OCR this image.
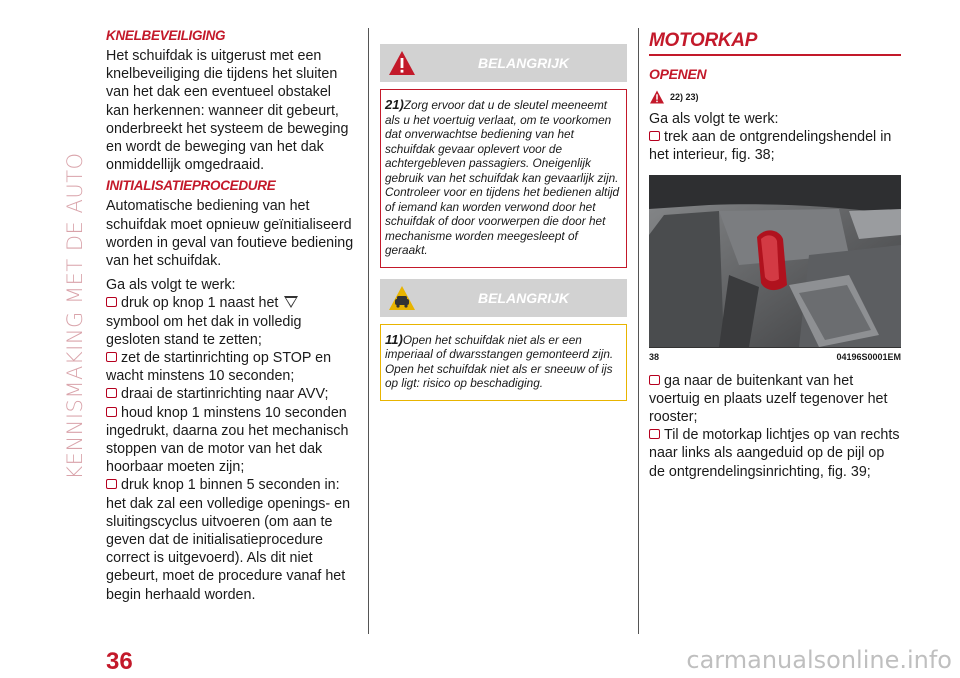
KENNISMAKING MET DE AUTO
KNELBEVEILIGING

Het schuifdak is uitgerust met een knelbeveiliging die tijdens het sluiten van het dak een eventueel obstakel kan herkennen: wanneer dit gebeurt, onderbreekt het systeem de beweging en wordt de beweging van het dak onmiddellijk omgedraaid.

INITIALISATIEPROCEDURE

Automatische bediening van het schuifdak moet opnieuw geïnitialiseerd worden in geval van foutieve bediening van het schuifdak.

Ga als volgt te werk:

druk op knop 1 naast het  symbool om het dak in volledig gesloten stand te zetten;

zet de startinrichting op STOP en wacht minstens 10 seconden;

draai de startinrichting naar AVV;

houd knop 1 minstens 10 seconden ingedrukt, daarna zou het mechanisch stoppen van de motor van het dak hoorbaar moeten zijn;

druk knop 1 binnen 5 seconden in: het dak zal een volledige openings- en sluitingscyclus uitvoeren (om aan te geven dat de initialisatieprocedure correct is uitgevoerd). Als dit niet gebeurt, moet de procedure vanaf het begin herhaald worden.

BELANGRIJK

21)Zorg ervoor dat u de sleutel meeneemt als u het voertuig verlaat, om te voorkomen dat onverwachtse bediening van het schuifdak gevaar oplevert voor de achtergebleven passagiers. Oneigenlijk gebruik van het schuifdak kan gevaarlijk zijn. Controleer voor en tijdens het bedienen altijd of iemand kan worden verwond door het schuifdak of door voorwerpen die door het mechanisme worden meegesleept of geraakt.

BELANGRIJK

11)Open het schuifdak niet als er een imperiaal of dwarsstangen gemonteerd zijn. Open het schuifdak niet als er sneeuw of ijs op ligt: risico op beschadiging.

MOTORKAP
OPENEN
22) 23)

Ga als volgt te werk:

trek aan de ontgrendelingshendel in het interieur, fig. 38;

38	04196S0001EM

ga naar de buitenkant van het voertuig en plaats uzelf tegenover het rooster;

Til de motorkap lichtjes op van rechts naar links als aangeduid op de pijl op de ontgrendelingsinrichting, fig. 39;

36	carmanualsonline.info
